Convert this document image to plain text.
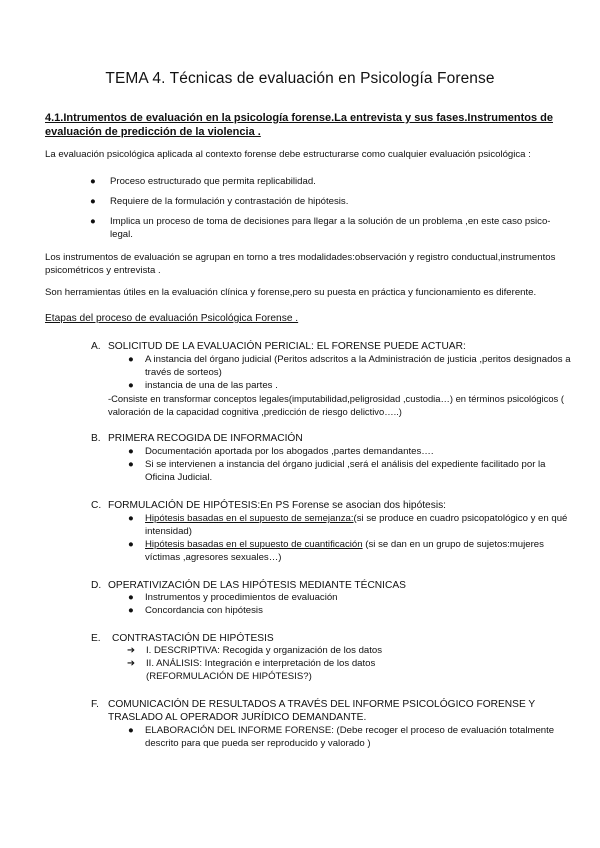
TEMA 4. Técnicas de evaluación en Psicología Forense
4.1.Intrumentos de evaluación en la psicología forense.La entrevista y sus fases.Instrumentos de evaluación de predicción de la violencia .
La evaluación psicológica aplicada al contexto forense debe estructurarse como cualquier evaluación psicológica :
● Proceso estructurado que permita replicabilidad.
● Requiere de la formulación y contrastación de hipótesis.
● Implica un proceso de toma de decisiones para llegar a la solución de un problema ,en este caso psico-legal.
Los instrumentos de evaluación se agrupan en torno a tres modalidades:observación y registro conductual,instrumentos psicométricos y entrevista .
Son herramientas útiles en la evaluación clínica y forense,pero su puesta en práctica y funcionamiento es diferente.
Etapas del proceso de evaluación Psicológica Forense .
A. SOLICITUD DE LA EVALUACIÓN PERICIAL: EL FORENSE PUEDE ACTUAR:
● A instancia del órgano judicial (Peritos adscritos a la Administración de justicia ,peritos designados a través de sorteos)
● instancia de una de las partes .
-Consiste en transformar conceptos legales(imputabilidad,peligrosidad ,custodia…) en términos psicológicos ( valoración de la capacidad cognitiva ,predicción de riesgo delictivo…..)
B. PRIMERA RECOGIDA DE INFORMACIÓN
● Documentación aportada por los abogados ,partes demandantes….
● Si se intervienen a instancia del órgano judicial ,será el análisis del expediente facilitado por la Oficina Judicial.
C. FORMULACIÓN DE HIPÓTESIS:En PS Forense se asocian dos hipótesis:
● Hipótesis basadas en el supuesto de semejanza:(si se produce en cuadro psicopatológico y en qué intensidad)
● Hipótesis basadas en el supuesto de cuantificación (si se dan en un grupo de sujetos:mujeres víctimas ,agresores sexuales…)
D. OPERATIVIZACIÓN DE LAS HIPÓTESIS MEDIANTE TÉCNICAS
● Instrumentos y procedimientos de evaluación
● Concordancia con hipótesis
E. CONTRASTACIÓN DE HIPÓTESIS
➔ I. DESCRIPTIVA: Recogida y organización de los datos
➔ II. ANÁLISIS: Integración e interpretación de los datos (REFORMULACIÓN DE HIPÓTESIS?)
F. COMUNICACIÓN DE RESULTADOS A TRAVÉS DEL INFORME PSICOLÓGICO FORENSE Y TRASLADO AL OPERADOR JURÍDICO DEMANDANTE.
● ELABORACIÓN DEL INFORME FORENSE: (Debe recoger el proceso de evaluación totalmente descrito para que pueda ser reproducido y valorado )
